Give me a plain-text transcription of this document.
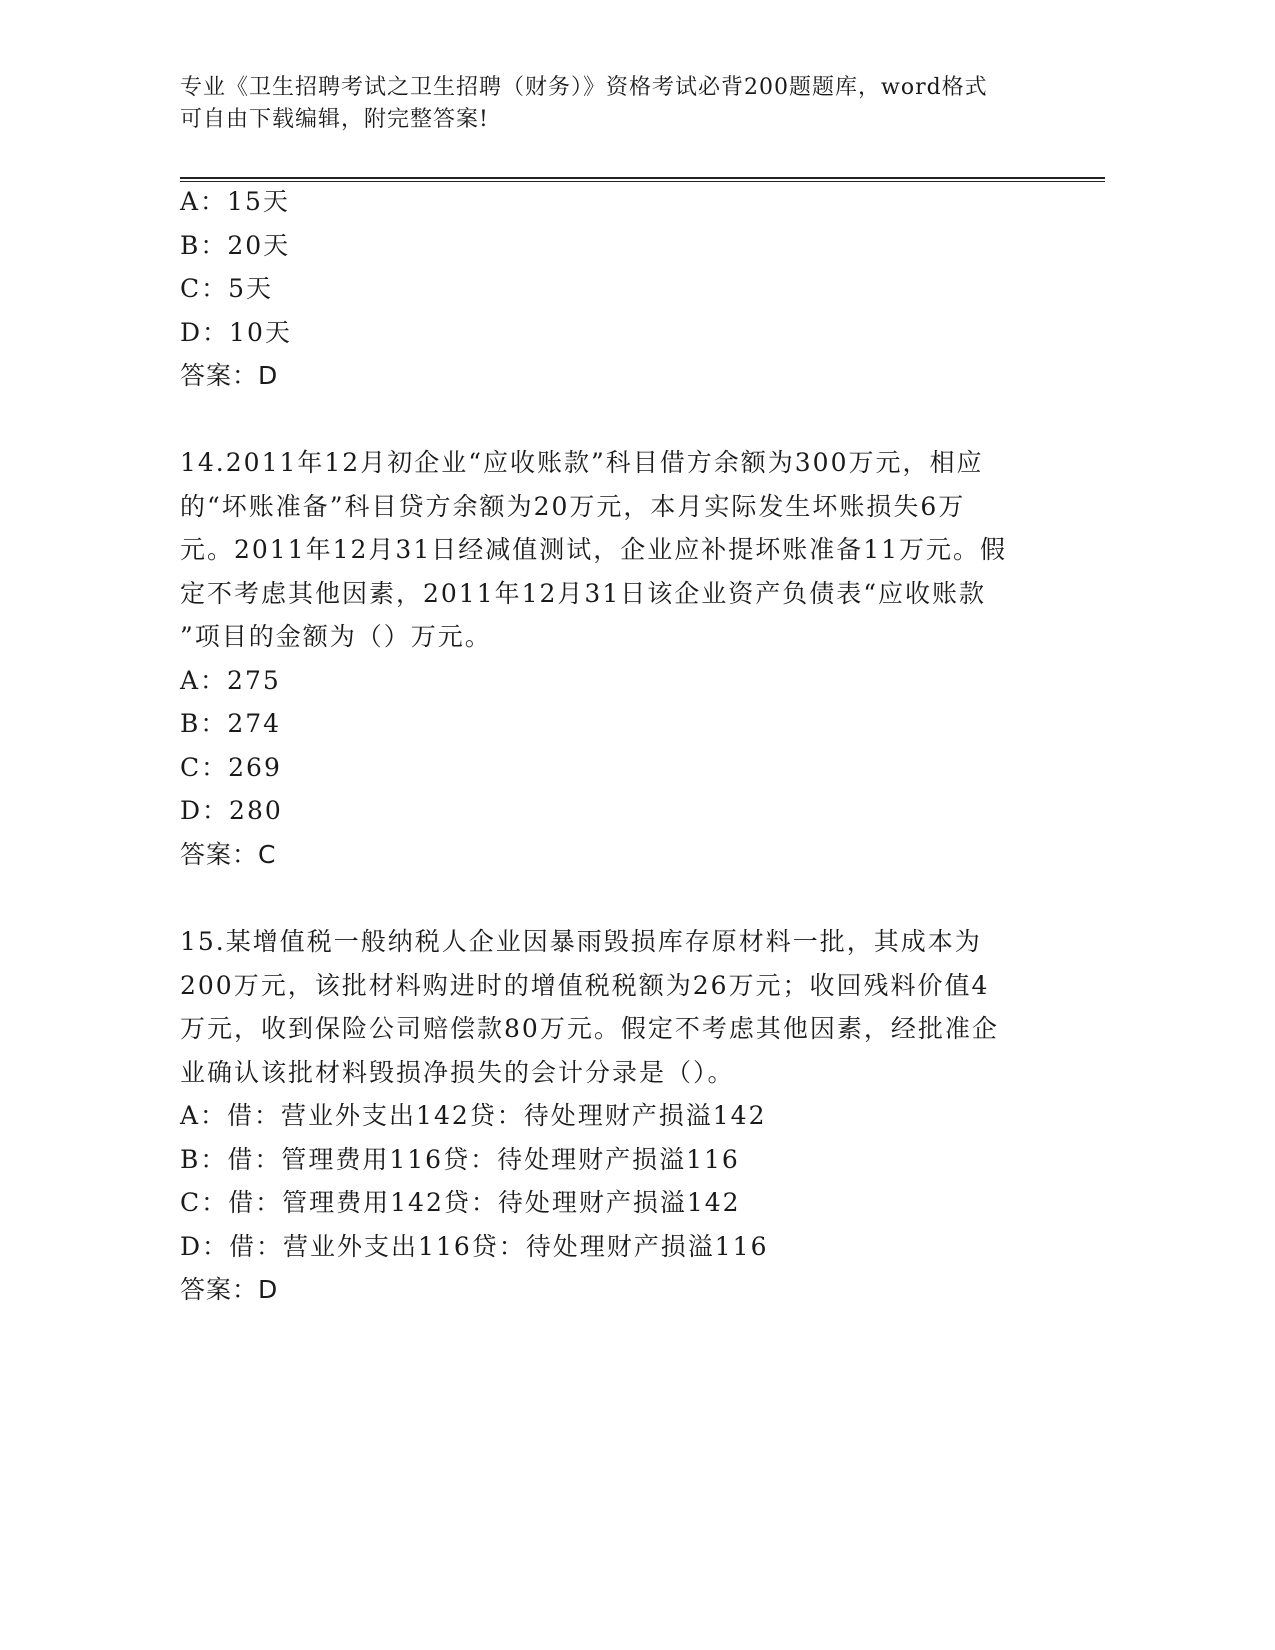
专业《卫生招聘考试之卫生招聘（财务）》资格考试必背200题题库，word格式
可自由下载编辑，附完整答案!
A：15天
B：20天
C：5天
D：10天
答案：D
14.2011年12月初企业“应收账款”科目借方余额为300万元，相应
的“坏账准备”科目贷方余额为20万元，本月实际发生坏账损失6万
元。2011年12月31日经减值测试，企业应补提坏账准备11万元。假
定不考虑其他因素，2011年12月31日该企业资产负债表“应收账款
”项目的金额为（）万元。
A：275
B：274
C：269
D：280
答案：C
15.某增值税一般纳税人企业因暴雨毁损库存原材料一批，其成本为
200万元，该批材料购进时的增值税税额为26万元；收回残料价值4
万元，收到保险公司赔偿款80万元。假定不考虑其他因素，经批准企
业确认该批材料毁损净损失的会计分录是（）。
A：借：营业外支出142贷：待处理财产损溢142
B：借：管理费用116贷：待处理财产损溢116
C：借：管理费用142贷：待处理财产损溢142
D：借：营业外支出116贷：待处理财产损溢116
答案：D
